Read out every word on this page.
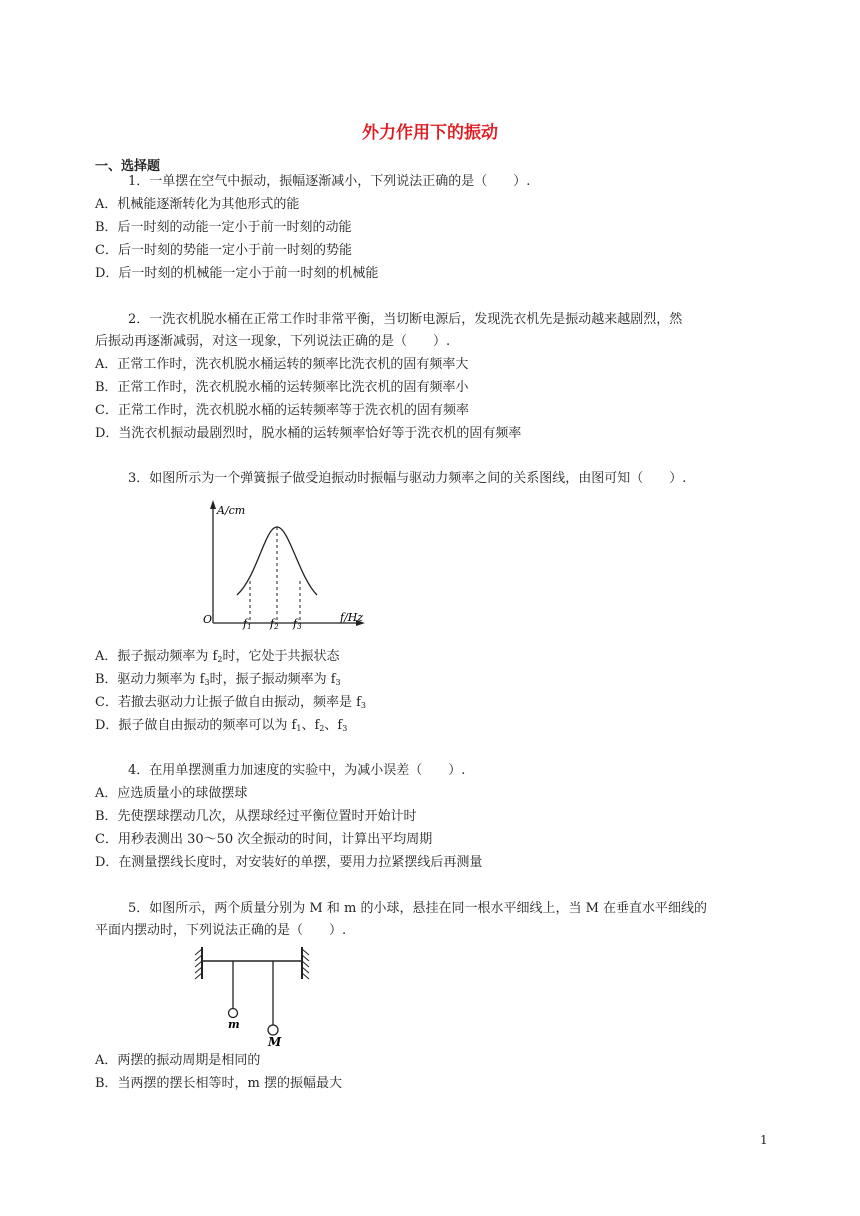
外力作用下的振动
一、选择题
1．一单摆在空气中振动，振幅逐渐减小，下列说法正确的是（　　）.
A．机械能逐渐转化为其他形式的能
B．后一时刻的动能一定小于前一时刻的动能
C．后一时刻的势能一定小于前一时刻的势能
D．后一时刻的机械能一定小于前一时刻的机械能
2．一洗衣机脱水桶在正常工作时非常平衡，当切断电源后，发现洗衣机先是振动越来越剧烈，然
后振动再逐渐减弱，对这一现象，下列说法正确的是（　　）.
A．正常工作时，洗衣机脱水桶运转的频率比洗衣机的固有频率大
B．正常工作时，洗衣机脱水桶的运转频率比洗衣机的固有频率小
C．正常工作时，洗衣机脱水桶的运转频率等于洗衣机的固有频率
D．当洗衣机振动最剧烈时，脱水桶的运转频率恰好等于洗衣机的固有频率
3．如图所示为一个弹簧振子做受迫振动时振幅与驱动力频率之间的关系图线，由图可知（　　）.
A/cm
f/Hz
O	f1 f2 f3
A．振子振动频率为 $f_2$时，它处于共振状态
B．驱动力频率为 $f_3$时，振子振动频率为 $f_3$
C．若撤去驱动力让振子做自由振动，频率是 $f_3$
D．振子做自由振动的频率可以为 $f_1$、$f_2$、$f_3$
4．在用单摆测重力加速度的实验中，为减小误差（　　）.
A．应选质量小的球做摆球
B．先使摆球摆动几次，从摆球经过平衡位置时开始计时
C．用秒表测出 30～50 次全振动的时间，计算出平均周期
D．在测量摆线长度时，对安装好的单摆，要用力拉紧摆线后再测量
5．如图所示，两个质量分别为 M 和 m 的小球，悬挂在同一根水平细线上，当 M 在垂直水平细线的
平面内摆动时，下列说法正确的是（　　）.
m
M
A．两摆的振动周期是相同的
B．当两摆的摆长相等时，m 摆的振幅最大
1
